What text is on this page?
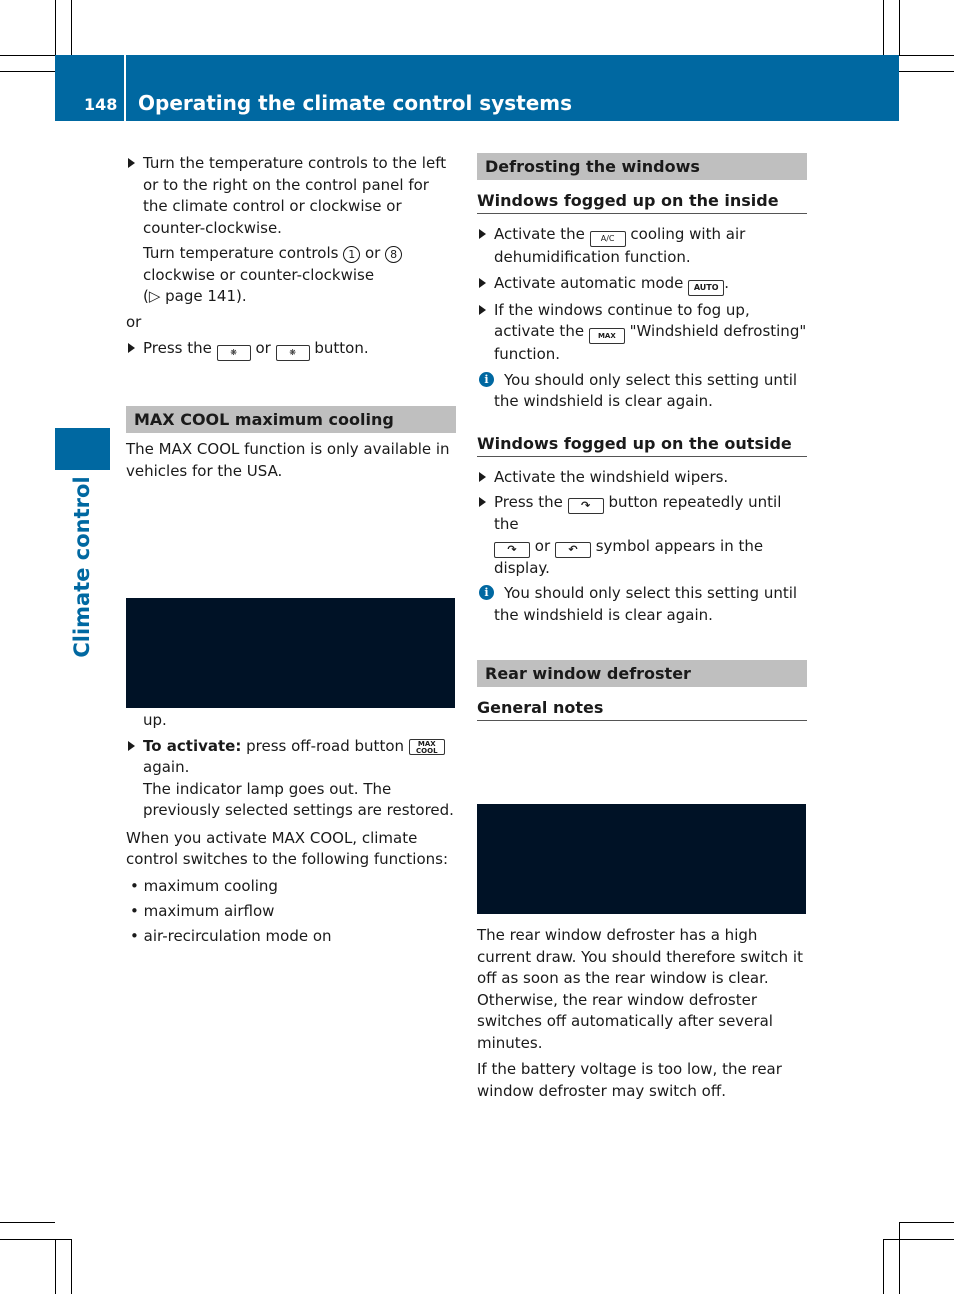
148 Operating the climate control systems
Climate control
Turn the temperature controls to the left or to the right on the control panel for the climate control or clockwise or counter-clockwise.
Turn temperature controls 1 or 8
clockwise or counter-clockwise
(▷ page 141).
or
Press the ❋ or ❋ button.
MAX COOL maximum cooling
The MAX COOL function is only available in vehicles for the USA.

up.
To activate: press off-road button MAX
COOL
again.
The indicator lamp goes out. The previously selected settings are restored.
When you activate MAX COOL, climate control switches to the following functions:
• maximum cooling
• maximum airflow
• air-recirculation mode on
Defrosting the windows
Windows fogged up on the inside
Activate the A/C cooling with air dehumidification function.
Activate automatic mode AUTO .
If the windows continue to fog up, activate the MAX "Windshield defrosting" function.
i	You should only select this setting until the windshield is clear again.
Windows fogged up on the outside
Activate the windshield wipers.
Press the ↷ button repeatedly until the
↷ or ↶ symbol appears in the display.
i	You should only select this setting until the windshield is clear again.
Rear window defroster
General notes
The rear window defroster has a high current draw. You should therefore switch it off as soon as the rear window is clear. Otherwise, the rear window defroster switches off automatically after several minutes.
If the battery voltage is too low, the rear window defroster may switch off.
